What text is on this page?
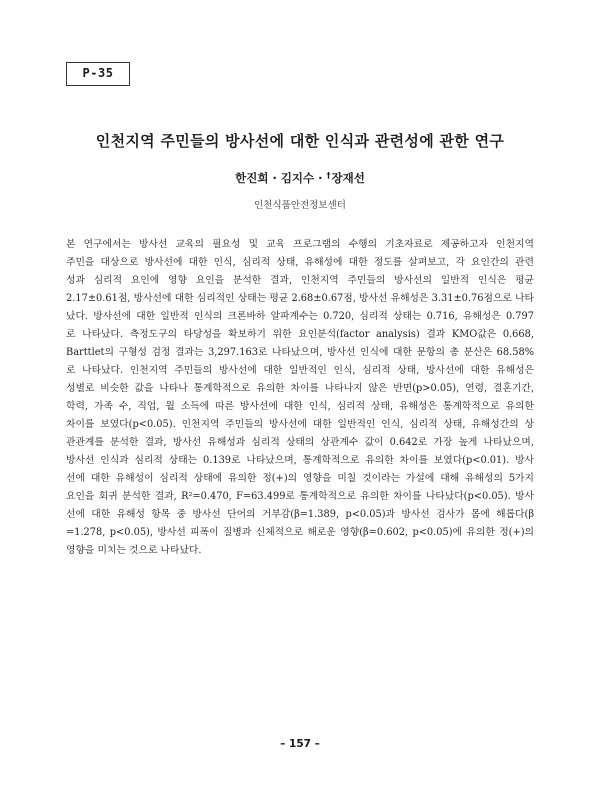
P-35
인천지역 주민들의 방사선에 대한 인식과 관련성에 관한 연구
한진희 · 김지수 · †장재선
인천식품안전정보센터
본 연구에서는 방사선 교육의 필요성 및 교육 프로그램의 수행의 기초자료로 제공하고자 인천지역
주민을 대상으로 방사선에 대한 인식, 심리적 상태, 유해성에 대한 정도를 살펴보고, 각 요인간의 관련
성과 심리적 요인에 영향 요인을 분석한 결과, 인천지역 주민들의 방사선의 일반적 인식은 평균
2.17±0.61점, 방사선에 대한 심리적인 상태는 평균 2.68±0.67점, 방사선 유해성은 3.31±0.76점으로 나타
났다. 방사선에 대한 일반적 인식의 크론바하 알파계수는 0.720, 심리적 상태는 0.716, 유해성은 0.797
로 나타났다. 측정도구의 타당성을 확보하기 위한 요인분석(factor analysis) 결과 KMO값은 0.668,
Barttlet의 구형성 검정 결과는 3,297.163로 나타났으며, 방사선 인식에 대한 문항의 총 분산은 68.58%
로 나타났다. 인천지역 주민들의 방사선에 대한 일반적인 인식, 심리적 상태, 방사선에 대한 유해성은
성별로 비슷한 값을 나타나 통계학적으로 유의한 차이를 나타나지 않은 반면(p>0.05), 연령, 결혼기간,
학력, 가족 수, 직업, 월 소득에 따른 방사선에 대한 인식, 심리적 상태, 유해성은 통계학적으로 유의한
차이를 보였다(p<0.05). 인천지역 주민들의 방사선에 대한 일반적인 인식, 심리적 상태, 유해성간의 상
관관계를 분석한 결과, 방사선 유해성과 심리적 상태의 상관계수 값이 0.642로 가장 높게 나타났으며,
방사선 인식과 심리적 상태는 0.139로 나타났으며, 통계학적으로 유의한 차이를 보였다(p<0.01). 방사
선에 대한 유해성이 심리적 상태에 유의한 정(+)의 영향을 미칠 것이라는 가설에 대해 유해성의 5가지
요인을 회귀 분석한 결과, R²=0.470, F=63.499로 통계학적으로 유의한 차이를 나타났다(p<0.05). 방사
선에 대한 유해성 항목 중 방사선 단어의 거부감(β=1.389, p<0.05)과 방사선 검사가 몸에 해롭다(β
=1.278, p<0.05), 방사선 피폭이 질병과 신체적으로 해로운 영향(β=0.602, p<0.05)에 유의한 정(+)의
영향을 미치는 것으로 나타났다.
– 157 –
